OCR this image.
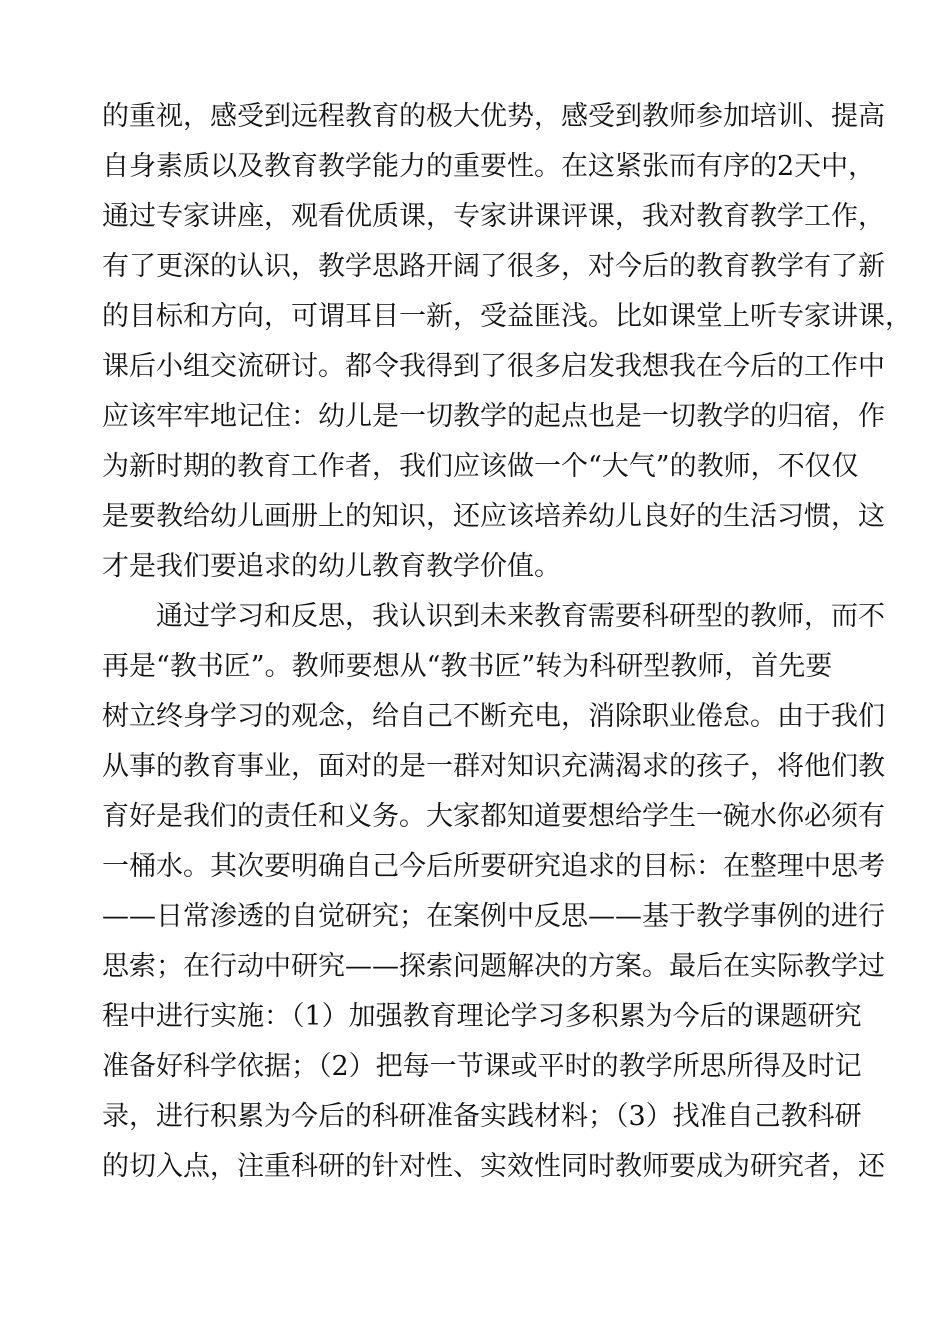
的重视，感受到远程教育的极大优势，感受到教师参加培训、提高
自身素质以及教育教学能力的重要性。在这紧张而有序的2天中，
通过专家讲座，观看优质课，专家讲课评课，我对教育教学工作，
有了更深的认识，教学思路开阔了很多，对今后的教育教学有了新
的目标和方向，可谓耳目一新，受益匪浅。比如课堂上听专家讲课，
课后小组交流研讨。都令我得到了很多启发我想我在今后的工作中
应该牢牢地记住：幼儿是一切教学的起点也是一切教学的归宿，作
为新时期的教育工作者，我们应该做一个“大气”的教师，不仅仅
是要教给幼儿画册上的知识，还应该培养幼儿良好的生活习惯，这
才是我们要追求的幼儿教育教学价值。
通过学习和反思，我认识到未来教育需要科研型的教师，而不
再是“教书匠”。教师要想从“教书匠”转为科研型教师，首先要
树立终身学习的观念，给自己不断充电，消除职业倦怠。由于我们
从事的教育事业，面对的是一群对知识充满渴求的孩子，将他们教
育好是我们的责任和义务。大家都知道要想给学生一碗水你必须有
一桶水。其次要明确自己今后所要研究追求的目标：在整理中思考
——日常渗透的自觉研究；在案例中反思——基于教学事例的进行
思索；在行动中研究——探索问题解决的方案。最后在实际教学过
程中进行实施：（1）加强教育理论学习多积累为今后的课题研究
准备好科学依据；（2）把每一节课或平时的教学所思所得及时记
录，进行积累为今后的科研准备实践材料；（3）找准自己教科研
的切入点，注重科研的针对性、实效性同时教师要成为研究者，还
